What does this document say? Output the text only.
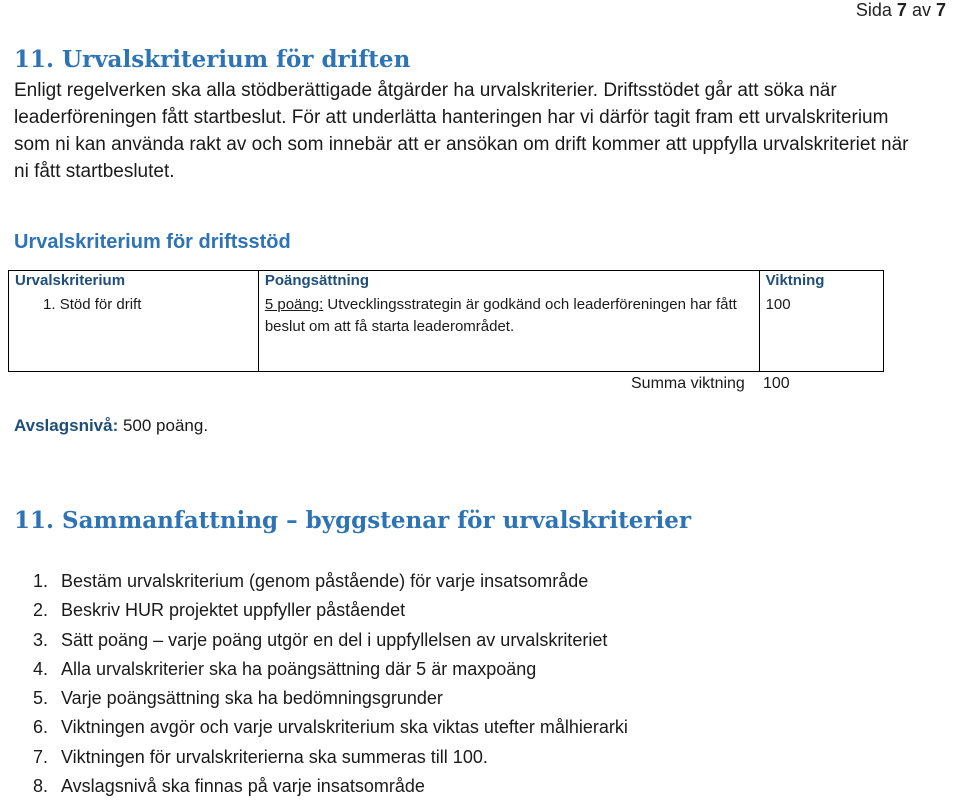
Sida 7 av 7
11. Urvalskriterium för driften

Enligt regelverken ska alla stödberättigade åtgärder ha urvalskriterier. Driftsstödet går att söka när leaderföreningen fått startbeslut. För att underlätta hanteringen har vi därför tagit fram ett urvalskriterium som ni kan använda rakt av och som innebär att er ansökan om drift kommer att uppfylla urvalskriteriet när ni fått startbeslutet.

Urvalskriterium för driftsstöd
Urvalskriterium	Poängsättning	Viktning
1. Stöd för drift	5 poäng: Utvecklingsstrategin är godkänd och leaderföreningen har fått beslut om att få starta leaderområdet.	100
Summa viktning 100
Avslagsnivå: 500 poäng.
11. Sammanfattning – byggstenar för urvalskriterier
1. Bestäm urvalskriterium (genom påstående) för varje insatsområde
2. Beskriv HUR projektet uppfyller påståendet
3. Sätt poäng – varje poäng utgör en del i uppfyllelsen av urvalskriteriet
4. Alla urvalskriterier ska ha poängsättning där 5 är maxpoäng
5. Varje poängsättning ska ha bedömningsgrunder
6. Viktningen avgör och varje urvalskriterium ska viktas utefter målhierarki
7. Viktningen för urvalskriterierna ska summeras till 100.
8. Avslagsnivå ska finnas på varje insatsområde
